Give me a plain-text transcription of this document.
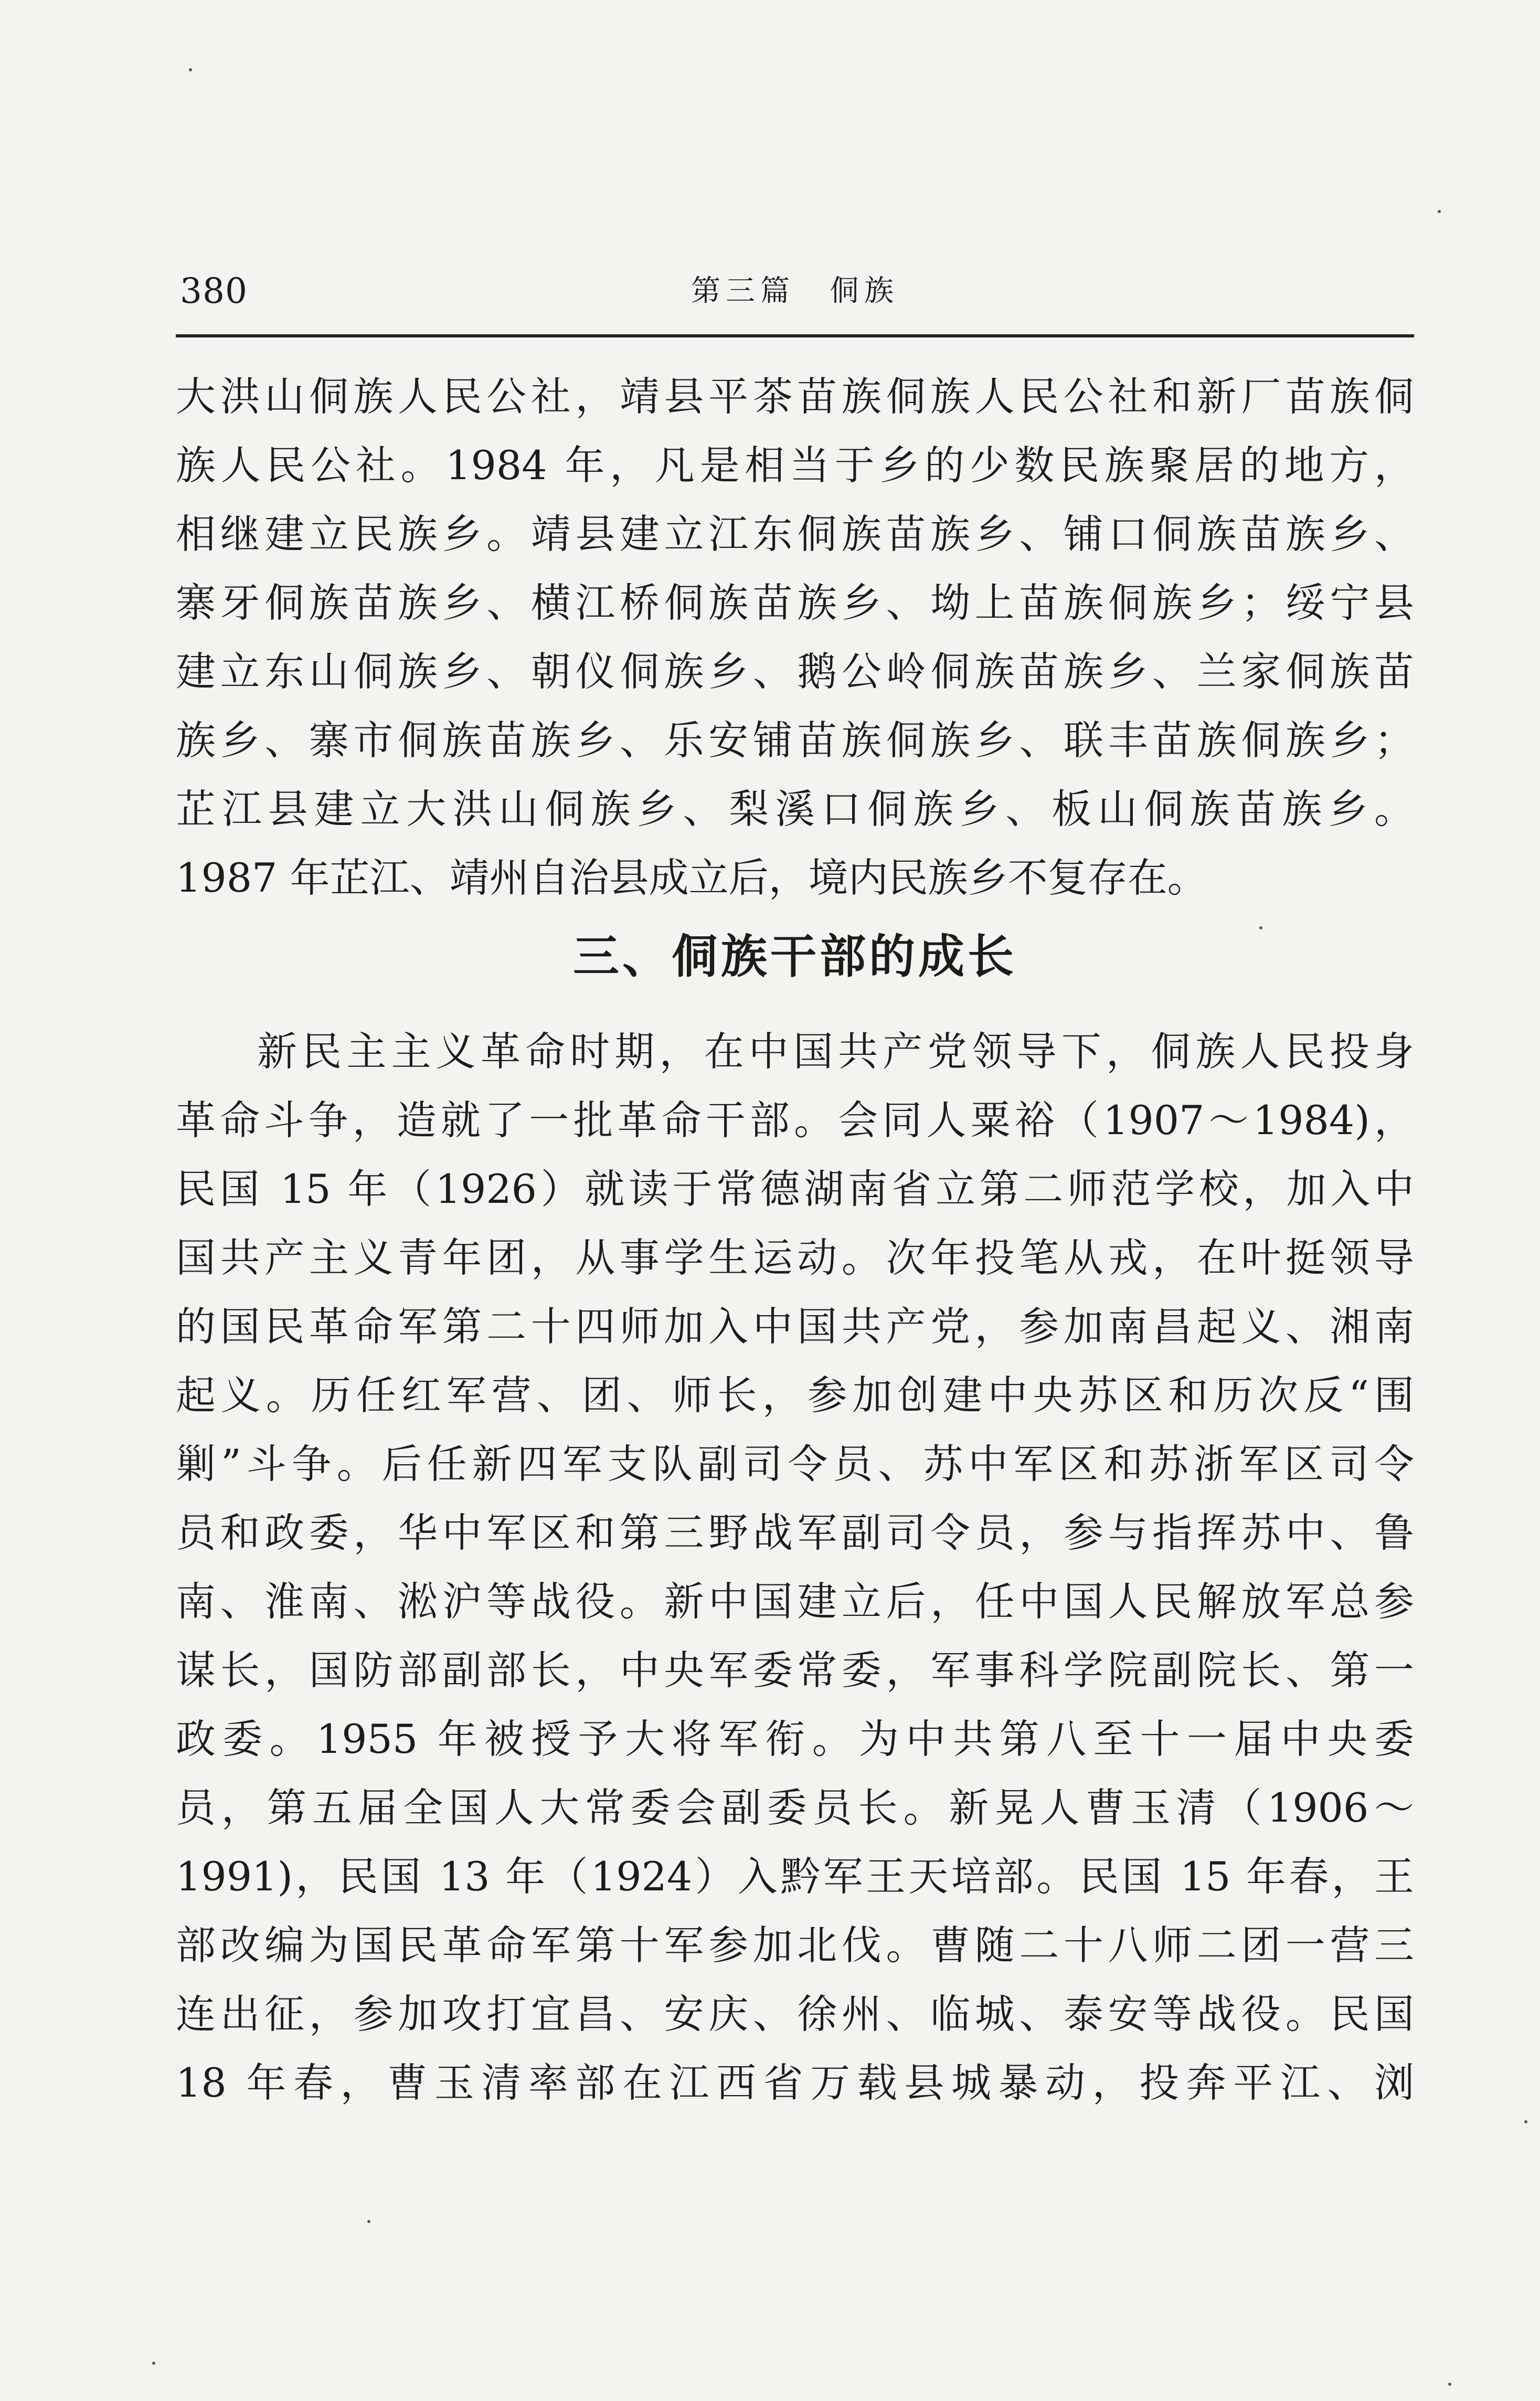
380	第三篇　侗族
大洪山侗族人民公社，靖县平茶苗族侗族人民公社和新厂苗族侗
族人民公社。1984 年，凡是相当于乡的少数民族聚居的地方，
相继建立民族乡。靖县建立江东侗族苗族乡、铺口侗族苗族乡、
寨牙侗族苗族乡、横江桥侗族苗族乡、坳上苗族侗族乡；绥宁县
建立东山侗族乡、朝仪侗族乡、鹅公岭侗族苗族乡、兰家侗族苗
族乡、寨市侗族苗族乡、乐安铺苗族侗族乡、联丰苗族侗族乡；
芷江县建立大洪山侗族乡、梨溪口侗族乡、板山侗族苗族乡。
1987 年芷江、靖州自治县成立后，境内民族乡不复存在。
三、侗族干部的成长
新民主主义革命时期，在中国共产党领导下，侗族人民投身
革命斗争，造就了一批革命干部。会同人粟裕（1907～1984)，
民国 15 年（1926）就读于常德湖南省立第二师范学校，加入中
国共产主义青年团，从事学生运动。次年投笔从戎，在叶挺领导
的国民革命军第二十四师加入中国共产党，参加南昌起义、湘南
起义。历任红军营、团、师长，参加创建中央苏区和历次反“围
剿”斗争。后任新四军支队副司令员、苏中军区和苏浙军区司令
员和政委，华中军区和第三野战军副司令员，参与指挥苏中、鲁
南、淮南、淞沪等战役。新中国建立后，任中国人民解放军总参
谋长，国防部副部长，中央军委常委，军事科学院副院长、第一
政委。1955 年被授予大将军衔。为中共第八至十一届中央委
员，第五届全国人大常委会副委员长。新晃人曹玉清（1906～
1991)，民国 13 年（1924）入黔军王天培部。民国 15 年春，王
部改编为国民革命军第十军参加北伐。曹随二十八师二团一营三
连出征，参加攻打宜昌、安庆、徐州、临城、泰安等战役。民国
18 年春，曹玉清率部在江西省万载县城暴动，投奔平江、浏
